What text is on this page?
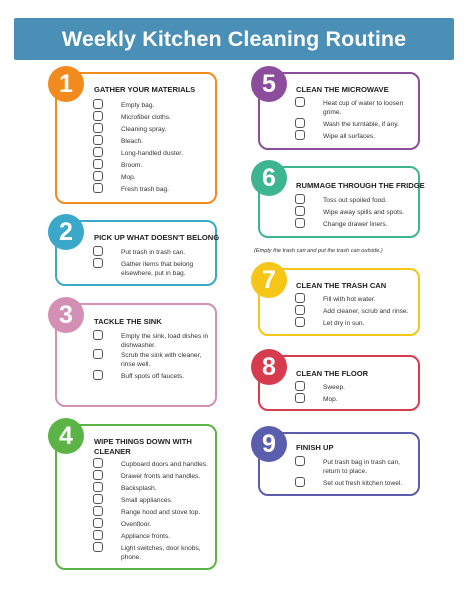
Weekly Kitchen Cleaning Routine
(Empty the trash can and put the trash can outside.)
1	GATHER YOUR MATERIALS
Empty bag.
Microfiber cloths.
Cleaning spray.
Bleach.
Long-handled duster.
Broom.
Mop.
Fresh trash bag.
2	PICK UP WHAT DOESN'T BELONG
Put trash in trash can.
Gather items that belong elsewhere, put in bag.
3	TACKLE THE SINK
Empty the sink, load dishes in dishwasher.
Scrub the sink with cleaner, rinse well.
Buff spots off faucets.
4	WIPE THINGS DOWN WITH CLEANER
Cupboard doors and handles.
Drawer fronts and handles.
Backsplash.
Small appliances.
Range hood and stove top.
Ovenfloor.
Appliance fronts.
Light switches, door knobs, phone.
5	CLEAN THE MICROWAVE
Heat cup of water to loosen grime.
Wash the turntable, if any.
Wipe all surfaces.
6	RUMMAGE THROUGH THE FRIDGE
Toss out spoiled food.
Wipe away spills and spots.
Change drawer liners.
7	CLEAN THE TRASH CAN
Fill with hot water.
Add cleaner, scrub and rinse.
Let dry in sun.
8	CLEAN THE FLOOR
Sweep.
Mop.
9	FINISH UP
Put trash bag in trash can, return to place.
Set out fresh kitchen towel.
